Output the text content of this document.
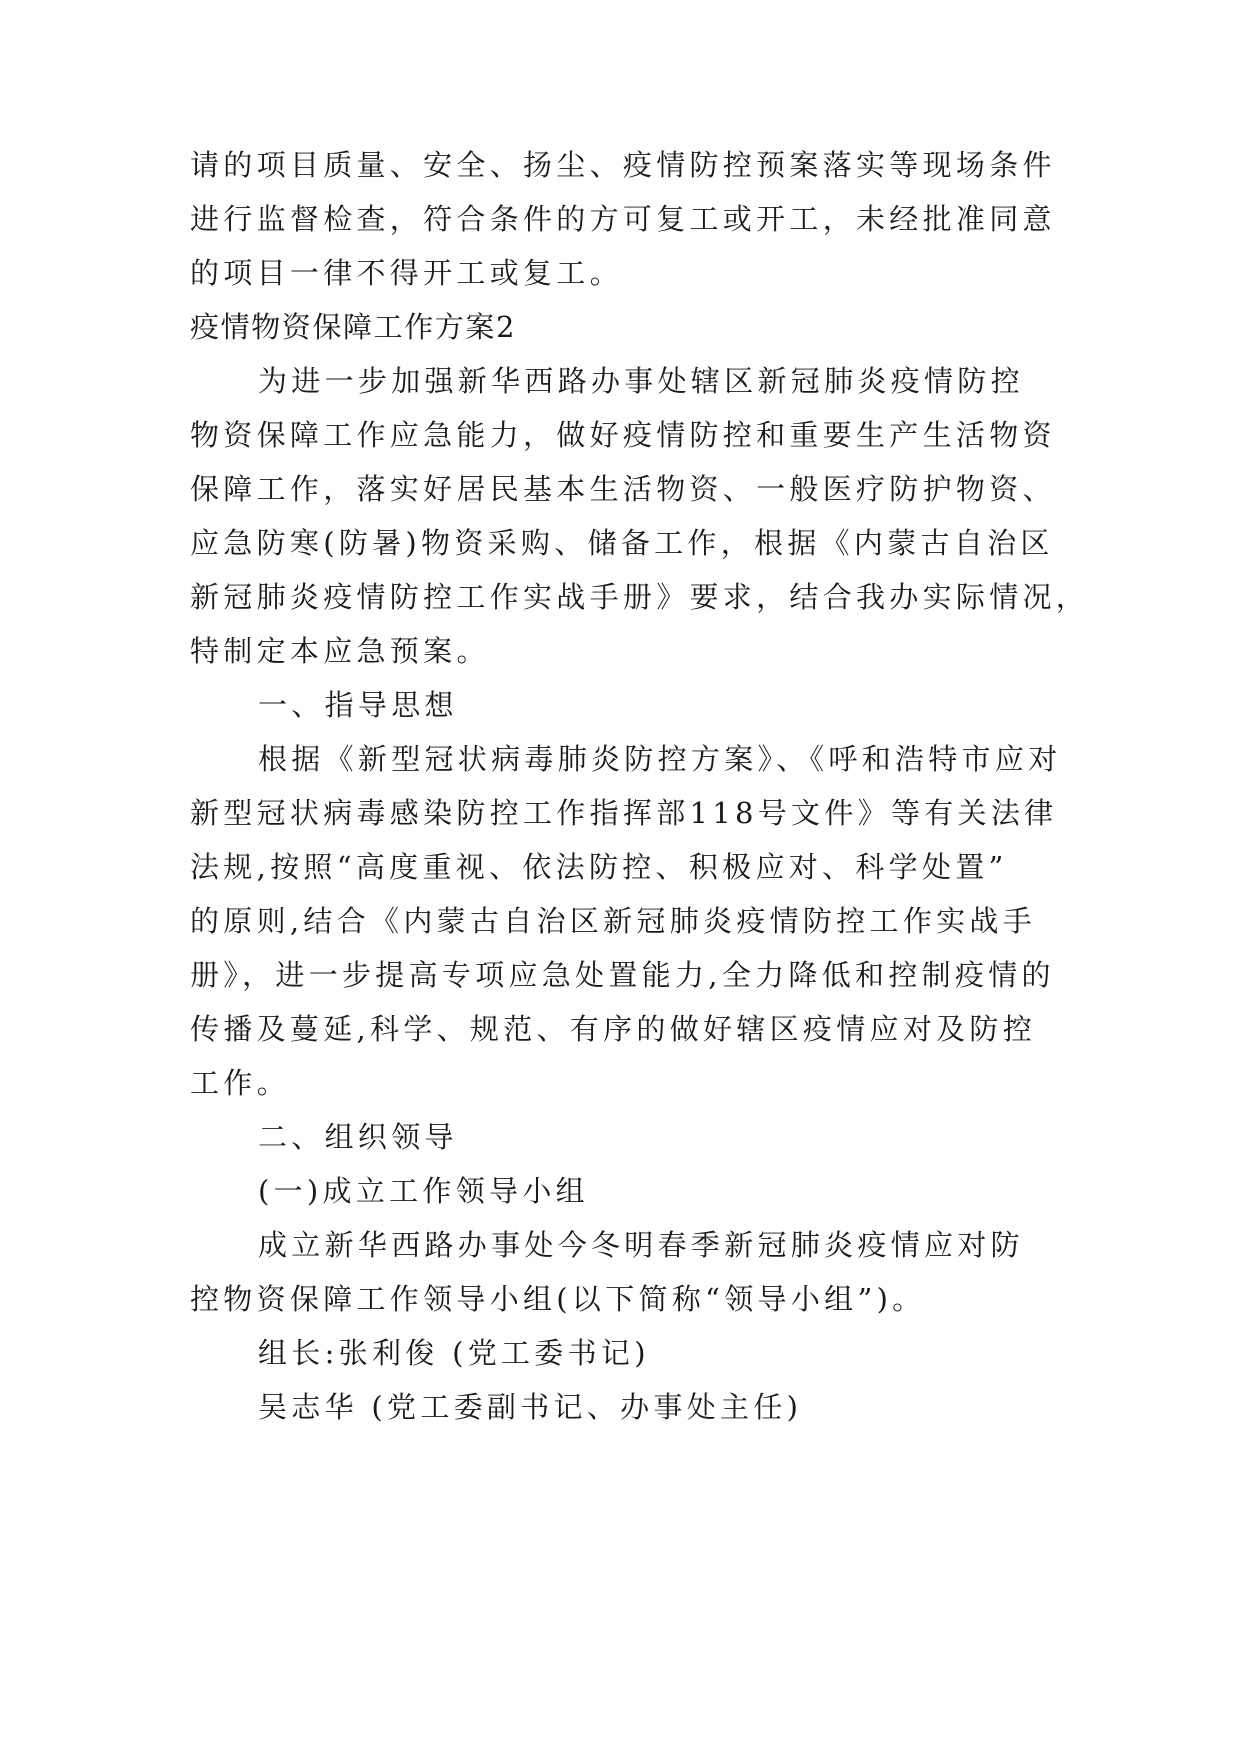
请的项目质量、安全、扬尘、疫情防控预案落实等现场条件

进行监督检查，符合条件的方可复工或开工，未经批准同意

的项目一律不得开工或复工。

疫情物资保障工作方案2

为进一步加强新华西路办事处辖区新冠肺炎疫情防控

物资保障工作应急能力，做好疫情防控和重要生产生活物资

保障工作，落实好居民基本生活物资、一般医疗防护物资、

应急防寒(防暑)物资采购、储备工作，根据《内蒙古自治区

新冠肺炎疫情防控工作实战手册》要求，结合我办实际情况，

特制定本应急预案。

一、指导思想

根据《新型冠状病毒肺炎防控方案》、《呼和浩特市应对

新型冠状病毒感染防控工作指挥部118号文件》等有关法律

法规,按照“高度重视、依法防控、积极应对、科学处置”

的原则,结合《内蒙古自治区新冠肺炎疫情防控工作实战手

册》，进一步提高专项应急处置能力,全力降低和控制疫情的

传播及蔓延,科学、规范、有序的做好辖区疫情应对及防控

工作。

二、组织领导

(一)成立工作领导小组

成立新华西路办事处今冬明春季新冠肺炎疫情应对防

控物资保障工作领导小组(以下简称“领导小组”)。

组长:张利俊 (党工委书记)

吴志华 (党工委副书记、办事处主任)
